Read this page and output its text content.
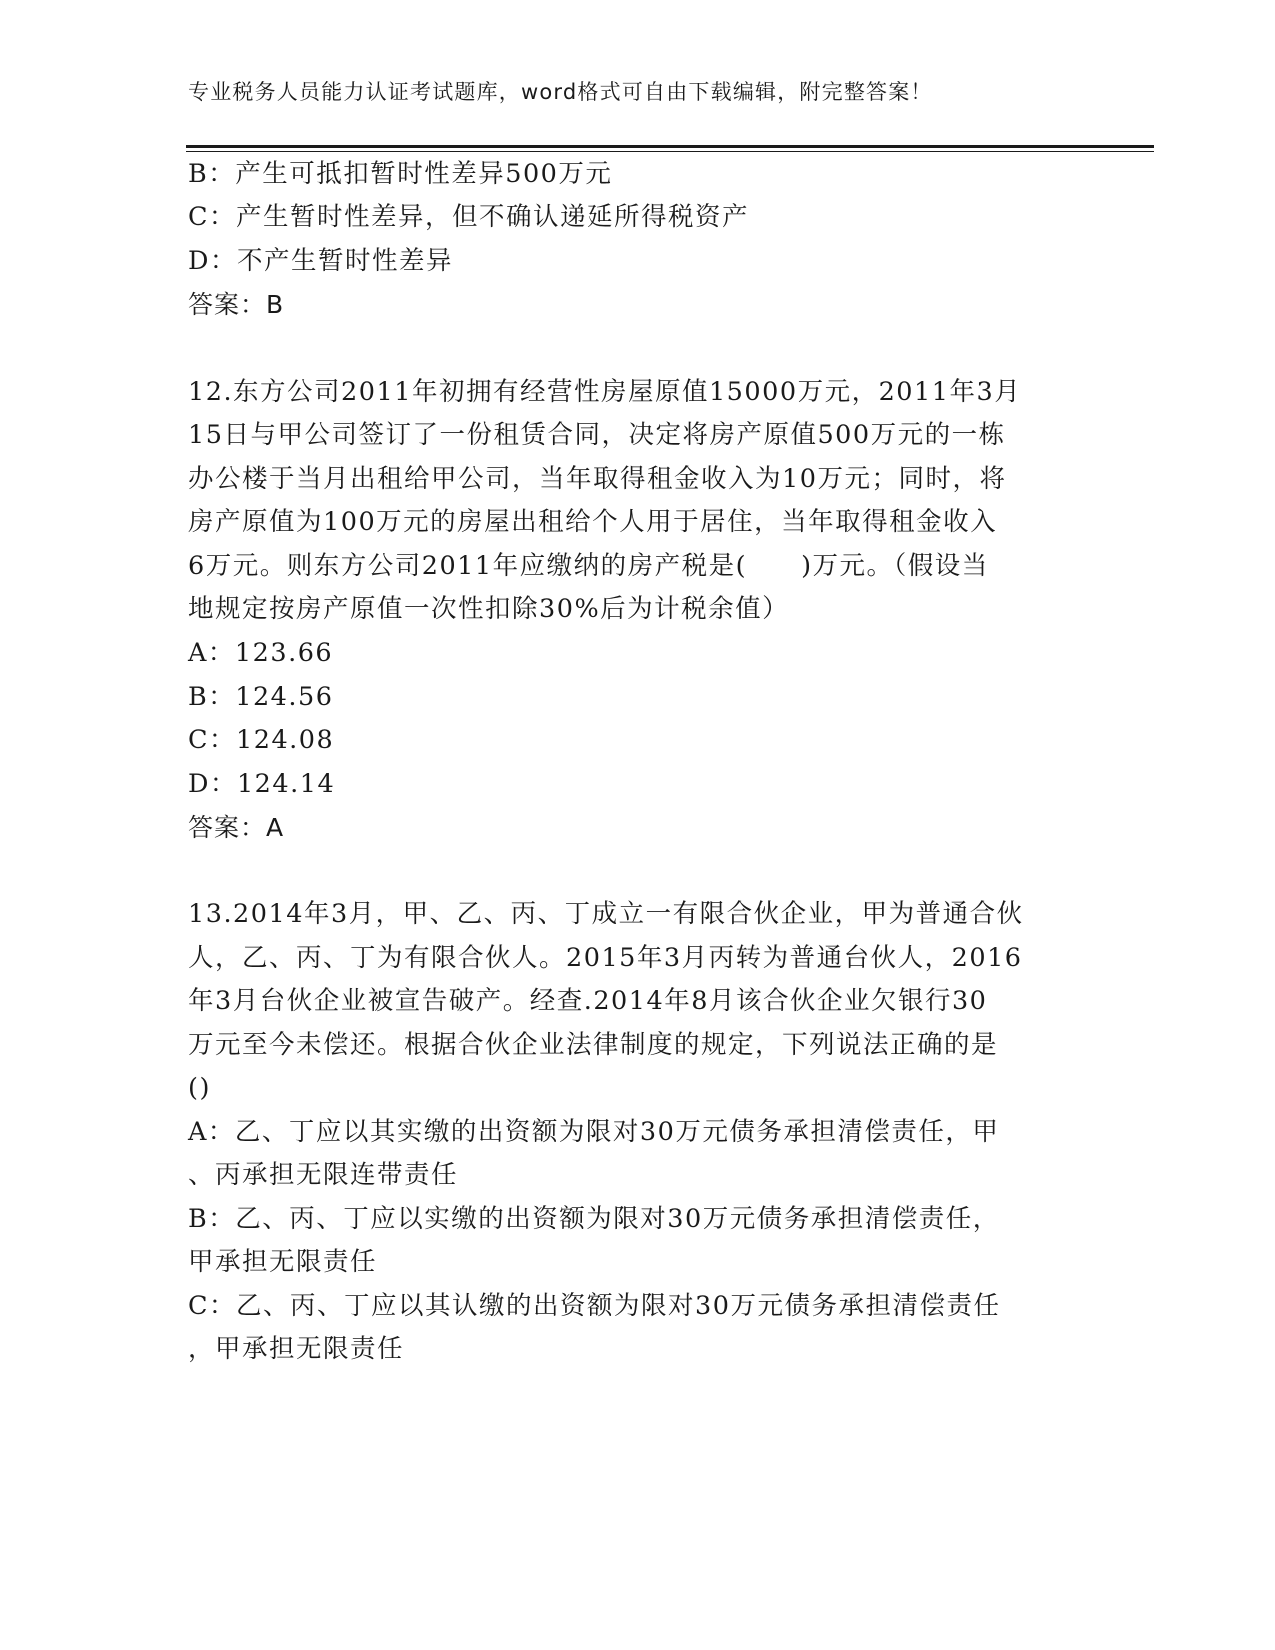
专业税务人员能力认证考试题库，word格式可自由下载编辑，附完整答案！
B：产生可抵扣暂时性差异500万元
C：产生暂时性差异，但不确认递延所得税资产
D：不产生暂时性差异
答案：B
12.东方公司2011年初拥有经营性房屋原值15000万元，2011年3月
15日与甲公司签订了一份租赁合同，决定将房产原值500万元的一栋
办公楼于当月出租给甲公司，当年取得租金收入为10万元；同时，将
房产原值为100万元的房屋出租给个人用于居住，当年取得租金收入
6万元。则东方公司2011年应缴纳的房产税是(　　)万元。（假设当
地规定按房产原值一次性扣除30%后为计税余值）
A：123.66
B：124.56
C：124.08
D：124.14
答案：A
13.2014年3月，甲、乙、丙、丁成立一有限合伙企业，甲为普通合伙
人，乙、丙、丁为有限合伙人。2015年3月丙转为普通台伙人，2016
年3月台伙企业被宣告破产。经查.2014年8月该合伙企业欠银行30
万元至今未偿还。根据合伙企业法律制度的规定，下列说法正确的是
()
A：乙、丁应以其实缴的出资额为限对30万元债务承担清偿责任，甲
、丙承担无限连带责任
B：乙、丙、丁应以实缴的出资额为限对30万元债务承担清偿责任，
甲承担无限责任
C：乙、丙、丁应以其认缴的出资额为限对30万元债务承担清偿责任
，甲承担无限责任
